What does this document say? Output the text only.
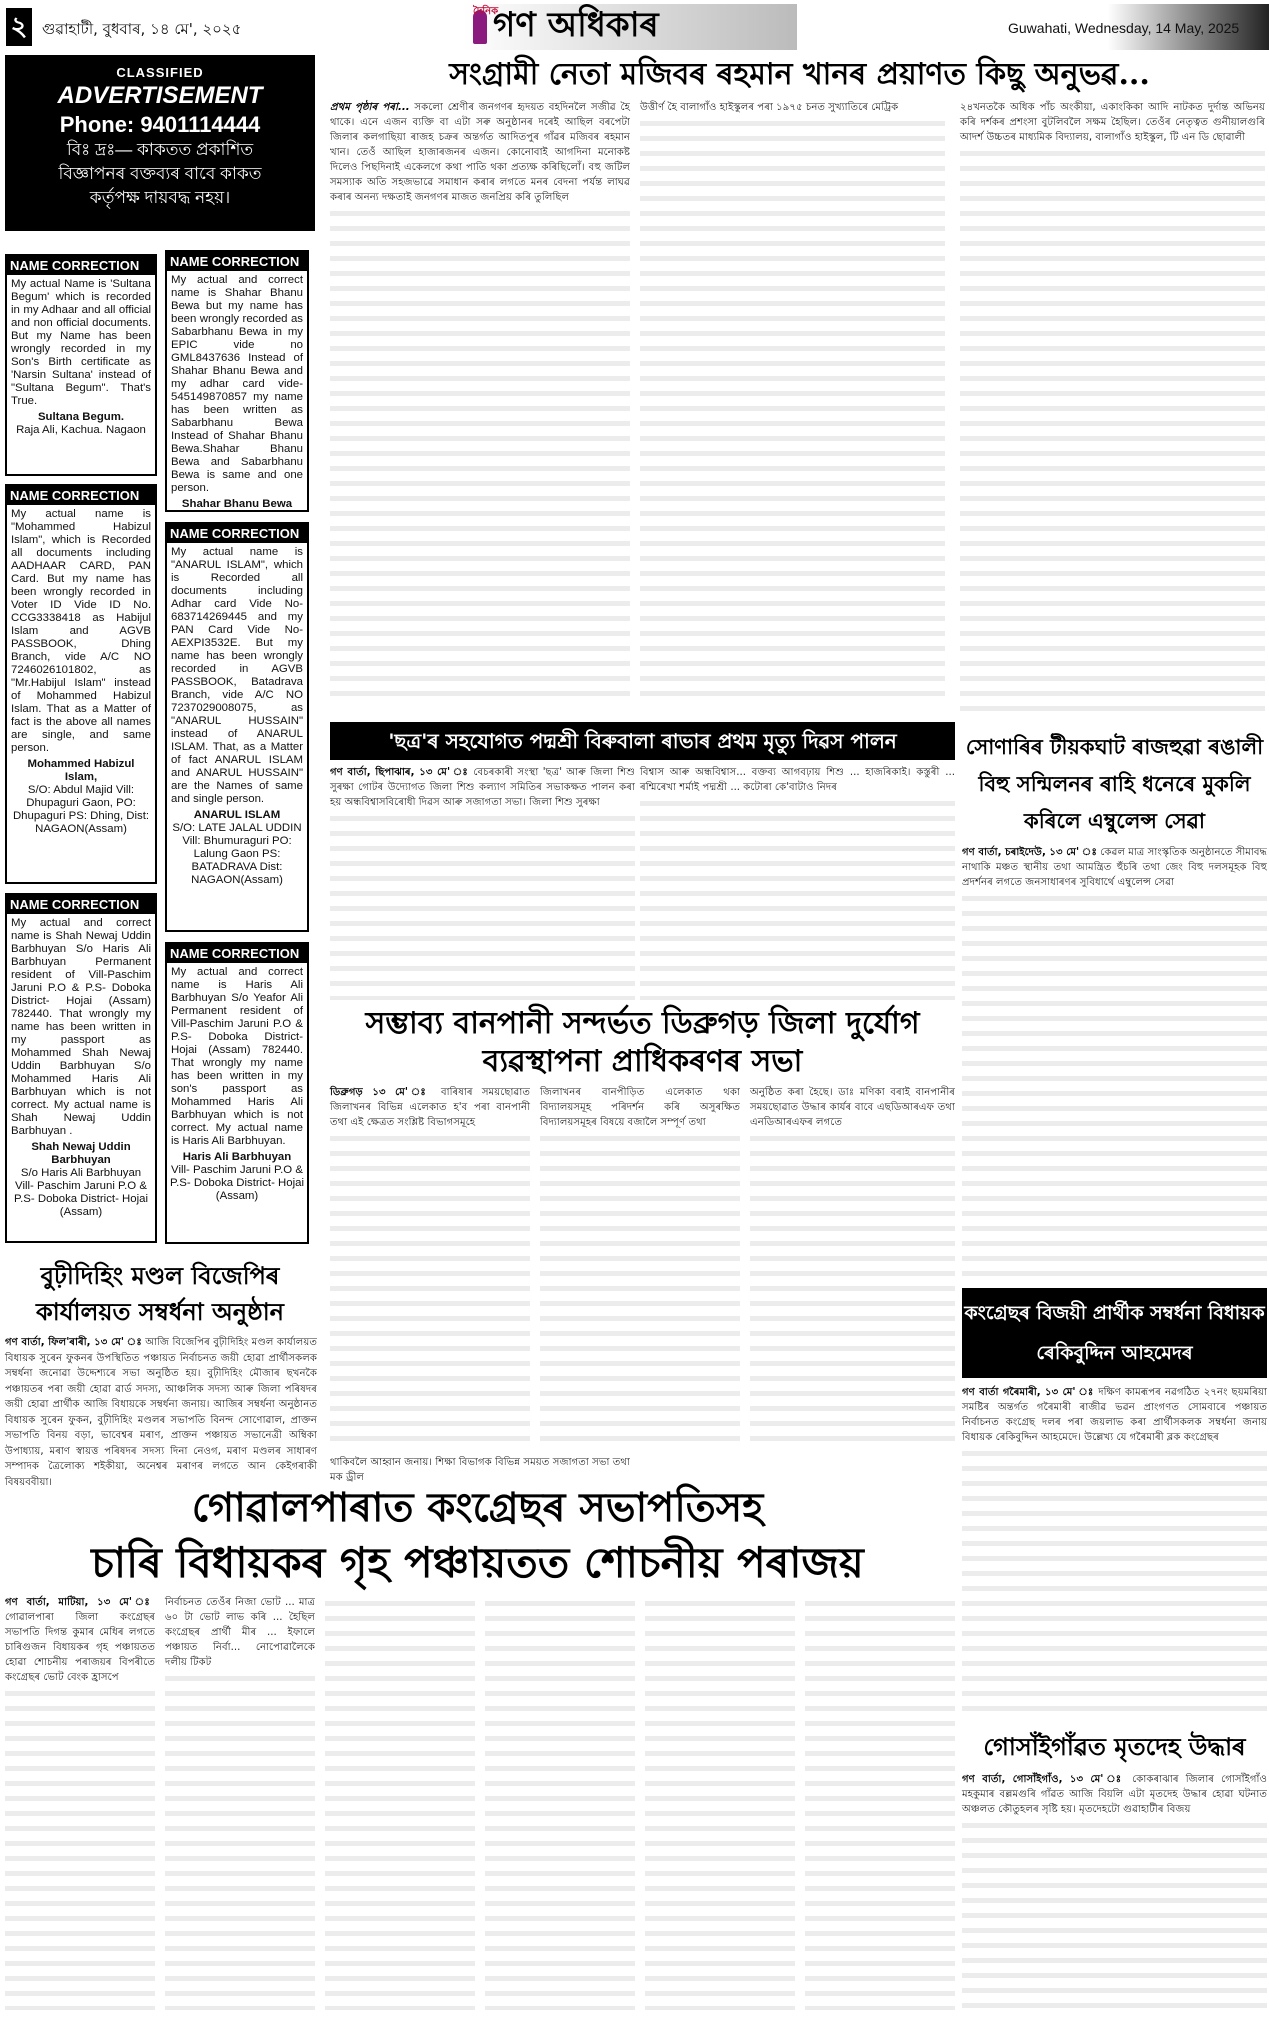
২ গুৱাহাটী, বুধবাৰ, ১৪ মে', ২০২৫
দৈনিক
গণ অধিকাৰ	Guwahati, Wednesday, 14 May, 2025
CLASSIFIED
ADVERTISEMENT
Phone: 9401114444
বিঃ দ্ৰঃ— কাকতত প্ৰকাশিত
বিজ্ঞাপনৰ বক্তব্যৰ বাবে কাকত
কৰ্তৃপক্ষ দায়বদ্ধ নহয়।
NAME CORRECTION
My actual Name is 'Sultana Begum' which is recorded in my Adhaar and all official and non official documents. But my Name has been wrongly recorded in my Son's Birth certificate as 'Narsin Sultana' instead of "Sultana Begum". That's True.
Sultana Begum.
Raja Ali, Kachua. Nagaon
NAME CORRECTION
My actual name is "Mohammed Habizul Islam", which is Recorded all documents including AADHAAR CARD, PAN Card. But my name has been wrongly recorded in Voter ID Vide ID No. CCG3338418 as Habijul Islam and AGVB PASSBOOK, Dhing Branch, vide A/C NO 7246026101802, as "Mr.Habijul Islam" instead of Mohammed Habizul Islam. That as a Matter of fact is the above all names are single, and same person.
Mohammed Habizul Islam,
S/O: Abdul Majid Vill: Dhupaguri Gaon, PO: Dhupaguri PS: Dhing, Dist: NAGAON(Assam)
NAME CORRECTION
My actual and correct name is Shah Newaj Uddin Barbhuyan S/o Haris Ali Barbhuyan Permanent resident of Vill-Paschim Jaruni P.O & P.S- Doboka District- Hojai (Assam) 782440. That wrongly my name has been written in my passport as Mohammed Shah Newaj Uddin Barbhuyan S/o Mohammed Haris Ali Barbhuyan which is not correct. My actual name is Shah Newaj Uddin Barbhuyan .
Shah Newaj Uddin Barbhuyan
S/o Haris Ali Barbhuyan Vill- Paschim Jaruni P.O & P.S- Doboka District- Hojai (Assam)
NAME CORRECTION
My actual and correct name is Shahar Bhanu Bewa but my name has been wrongly recorded as Sabarbhanu Bewa in my EPIC vide no GML8437636 Instead of Shahar Bhanu Bewa and my adhar card vide-545149870857 my name has been written as Sabarbhanu Bewa Instead of Shahar Bhanu Bewa.Shahar Bhanu Bewa and Sabarbhanu Bewa is same and one person.
Shahar Bhanu Bewa
NAME CORRECTION
My actual name is "ANARUL ISLAM", which is Recorded all documents including Adhar card Vide No-683714269445 and my PAN Card Vide No-AEXPI3532E. But my name has been wrongly recorded in AGVB PASSBOOK, Batadrava Branch, vide A/C NO 7237029008075, as "ANARUL HUSSAIN" instead of ANARUL ISLAM. That, as a Matter of fact ANARUL ISLAM and ANARUL HUSSAIN" are the Names of same and single person.
ANARUL ISLAM
S/O: LATE JALAL UDDIN Vill: Bhumuraguri PO: Lalung Gaon PS: BATADRAVA Dist: NAGAON(Assam)
NAME CORRECTION
My actual and correct name is Haris Ali Barbhuyan S/o Yeafor Ali Permanent resident of Vill-Paschim Jaruni P.O & P.S- Doboka District- Hojai (Assam) 782440. That wrongly my name has been written in my son's passport as Mohammed Haris Ali Barbhuyan which is not correct. My actual name is Haris Ali Barbhuyan.
Haris Ali Barbhuyan
Vill- Paschim Jaruni P.O & P.S- Doboka District- Hojai (Assam)
সংগ্ৰামী নেতা মজিবৰ ৰহমান খানৰ প্ৰয়াণত কিছু অনুভৱ...

প্ৰথম পৃষ্ঠাৰ পৰা... সকলো শ্ৰেণীৰ জনগণৰ হৃদয়ত বহদিনলৈ সজীৱ হৈ থাকে। এনে এজন ব্যক্তি বা এটা সৰু অনুষ্ঠানৰ দৰেই আছিল বৰপেটা জিলাৰ কলগাছিয়া ৰাজহ চক্ৰৰ অন্তৰ্গত আদিতপুৰ গাঁৱৰ মজিবৰ ৰহমান খান। তেওঁ আছিল হাজাৰজনৰ এজন। কোনোবাই আগদিনা মনোকষ্ট দিলেও পিছদিনাই একেলগে কথা পাতি থকা প্ৰত্যক্ষ কৰিছিলোঁ। বহু জটিল সমস্যাক অতি সহজভাৱে সমাধান কৰাৰ লগতে মনৰ বেদনা পৰ্যন্ত লাঘৱ কৰাৰ অনন্য দক্ষতাই জনগণৰ মাজত জনপ্ৰিয় কৰি তুলিছিল

উত্তীৰ্ণ হৈ বালাগাঁও হাইস্কুলৰ পৰা ১৯৭৫ চনত সুখ্যাতিৰে মেট্ৰিক	২৪খনতকৈ অধিক পাঁচ অংকীয়া, একাংকিকা আদি নাটকত দুৰ্দান্ত অভিনয় কৰি দৰ্শকৰ প্ৰশংসা বুটলিবলৈ সক্ষম হৈছিল। তেওঁৰ নেতৃত্বত গুনীয়ালগুৰি আদৰ্শ উচ্চতৰ মাধ্যমিক বিদ্যালয়, বালাগাঁও হাইস্কুল, টি এন ডি ছোৱালী

'ছত্ৰ'ৰ সহযোগত পদ্মশ্ৰী বিৰুবালা ৰাভাৰ প্ৰথম মৃত্যু দিৱস পালন

গণ বাৰ্তা, ছিপাঝাৰ, ১৩ মে' ঃ বেচৰকাৰী সংস্থা 'ছত্ৰ' আৰু জিলা শিশু সুৰক্ষা গোটৰ উদ্যোগত জিলা শিশু কল্যাণ সমিতিৰ সভাকক্ষত পালন কৰা হয় অন্ধবিশ্বাসবিৰোধী দিৱস আৰু সজাগতা সভা। জিলা শিশু সুৰক্ষা

বিশ্বাস আৰু অন্ধবিশ্বাস... বক্তব্য আগবঢ়ায় শিশু ... হাজৰিকাই। কস্তুৰী ... ৰশ্মিৰেখা শৰ্মাই পদ্মশ্ৰী ... কটোৰা কে'বাটাও নিদৰ

সোণাৰিৰ টীয়কঘাট ৰাজহুৱা ৰঙালী বিহু সন্মিলনৰ ৰাহি ধনেৰে মুকলি কৰিলে এম্বুলেন্স সেৱা

গণ বাৰ্তা, চৰাইদেউ, ১৩ মে' ঃ কেৱল মাত্ৰ সাংস্কৃতিক অনুষ্ঠানতে সীমাবদ্ধ নাথাকি মঞ্চত স্থানীয় তথা আমন্ত্ৰিত হুঁচৰি তথা জেং বিহু দলসমূহক বিহু প্ৰদৰ্শনৰ লগতে জনসাধাৰণৰ সুবিধাৰ্থে এম্বুলেন্স সেৱা

সম্ভাব্য বানপানী সন্দৰ্ভত ডিব্ৰুগড় জিলা দুৰ্যোগ ব্যৱস্থাপনা প্ৰাধিকৰণৰ সভা

ডিব্ৰুগড় ১৩ মে' ঃ বাৰিষাৰ সময়ছোৱাত জিলাখনৰ বিভিন্ন এলেকাত হ'ব পৰা বানপানী তথা এই ক্ষেত্ৰত সংশ্লিষ্ট বিভাগসমূহে

জিলাখনৰ বানপীড়িত এলেকাত থকা বিদ্যালয়সমূহ পৰিদৰ্শন কৰি অসুৰক্ষিত বিদ্যালয়সমূহৰ বিষয়ে বজালৈ সম্পূৰ্ণ তথা

অনুষ্ঠিত কৰা হৈছে। ডাঃ মণিকা বৰাই বানপানীৰ সময়ছোৱাত উদ্ধাৰ কাৰ্যৰ বাবে এছডিআৰএফ তথা এনডিআৰএফৰ লগতে

থাকিবলৈ আহ্বান জনায়। শিক্ষা বিভাগক বিভিন্ন সময়ত সজাগতা সভা তথা মক ড্ৰীল
বুঢ়ীদিহিং মণ্ডল বিজেপিৰ কাৰ্যালয়ত সম্বৰ্ধনা অনুষ্ঠান
গণ বাৰ্তা, ফিল'ৰাৰী, ১৩ মে' ঃ আজি বিজেপিৰ বুঢ়ীদিহিং মণ্ডল কাৰ্যালয়ত বিধায়ক সুৰেন ফুকনৰ উপস্থিতিত পঞ্চায়ত নিৰ্বাচনত জয়ী হোৱা প্ৰাৰ্থীসকলক সম্বৰ্ধনা জনোৱা উদ্দেশ্যৰে সভা অনুষ্ঠিত হয়। বুঢ়ীদিহিং মৌজাৰ ছখনকৈ পঞ্চায়তৰ পৰা জয়ী হোৱা ৱাৰ্ড সদস্য, আঞ্চলিক সদস্য আৰু জিলা পৰিষদৰ জয়ী হোৱা প্ৰাৰ্থীক আজি বিধায়কে সম্বৰ্ধনা জনায়। আজিৰ সম্বৰ্ধনা অনুষ্ঠানত বিধায়ক সুৰেন ফুকন, বুঢ়ীদিহিং মণ্ডলৰ সভাপতি বিনন্দ সোণোৱাল, প্ৰাক্তন সভাপতি বিনয় বড়া, ভাবেশ্বৰ মৰাণ, প্ৰাক্তন পঞ্চায়ত সভানেত্ৰী অম্বিকা উপাধ্যায়, মৰাণ স্বায়ত্ত পৰিষদৰ সদস্য দিনা নেওগ, মৰাণ মণ্ডলৰ সাধাৰণ সম্পাদক ত্ৰৈলোক্য শইকীয়া, অনেশ্বৰ মৰাণৰ লগতে আন কেইগৰাকী বিষয়ববীয়া।
কংগ্ৰেছৰ বিজয়ী প্ৰাৰ্থীক সম্বৰ্ধনা বিধায়ক ৰেকিবুদ্দিন আহমেদৰ

গণ বাৰ্তা গৰৈমাৰী, ১৩ মে' ঃ দক্ষিণ কামৰূপৰ নৱগঠিত ২৭নং ছয়মৰিয়া সমষ্টিৰ অন্তৰ্গত গৰৈমাৰী ৰাজীৱ ভৱন প্ৰাংগণত সোমবাৰে পঞ্চায়ত নিৰ্বাচনত কংগ্ৰেছ দলৰ পৰা জয়লাভ কৰা প্ৰাৰ্থীসকলক সম্বৰ্ধনা জনায় বিধায়ক ৰেকিবুদ্দিন আহমেদে। উল্লেখ্য যে গৰৈমাৰী ব্লক কংগ্ৰেছৰ

গোৱালপাৰাত কংগ্ৰেছৰ সভাপতিসহ
চাৰি বিধায়কৰ গৃহ পঞ্চায়তত শোচনীয় পৰাজয়

গণ বাৰ্তা, মাটিয়া, ১৩ মে' ঃ গোৱালপাৰা জিলা কংগ্ৰেছৰ সভাপতি দিগন্ত কুমাৰ মেধিৰ লগতে চাৰিগুজন বিধায়কৰ গৃহ পঞ্চায়তত হোৱা শোচনীয় পৰাজয়ৰ বিপৰীতে কংগ্ৰেছৰ ভোট বেংক হ্ৰাসপে

নিৰ্বাচনত তেওঁৰ নিজা ভোট ... মাত্ৰ ৬০ টা ভোট লাভ কৰি ... হৈছিল কংগ্ৰেছৰ প্ৰাৰ্থী মীৰ ... ইফালে পঞ্চায়ত নিৰ্বা... নোপোৱালৈকে দলীয় টিকট

গোসাঁইগাঁৱত মৃতদেহ উদ্ধাৰ

গণ বাৰ্তা, গোসাঁইগাঁও, ১৩ মে' ঃ কোকৰাঝাৰ জিলাৰ গোসাঁইগাঁও মহকুমাৰ বল্লমগুৰি গাঁৱত আজি বিয়লি এটা মৃতদেহ উদ্ধাৰ হোৱা ঘটনাত অঞ্চলত কৌতুহলৰ সৃষ্টি হয়। মৃতদেহটো গুৱাহাটীৰ বিজয়
